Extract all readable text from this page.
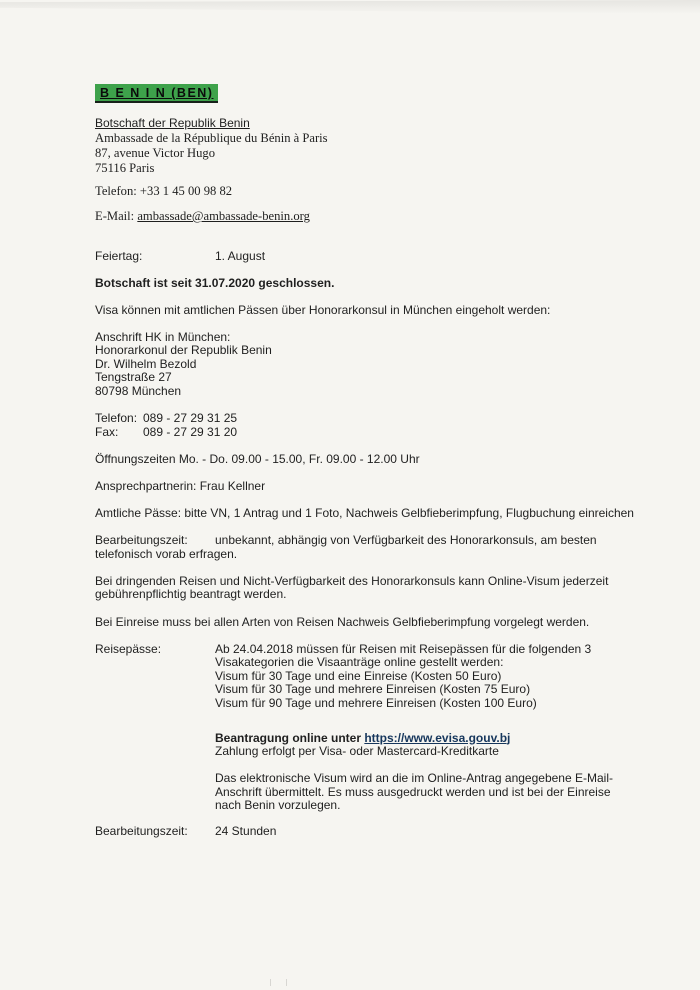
B E N I N (BEN)
Botschaft der Republik Benin
Ambassade de la République du Bénin à Paris
87, avenue Victor Hugo
75116 Paris
Telefon: +33 1 45 00 98 82
E-Mail: ambassade@ambassade-benin.org
Feiertag:	1. August
Botschaft ist seit 31.07.2020 geschlossen.
Visa können mit amtlichen Pässen über Honorarkonsul in München eingeholt werden:
Anschrift HK in München:
Honorarkonul der Republik Benin
Dr. Wilhelm Bezold
Tengstraße 27
80798 München
Telefon: 089 - 27 29 31 25
Fax: 089 - 27 29 31 20
Öffnungszeiten Mo. - Do. 09.00 - 15.00, Fr. 09.00 - 12.00 Uhr
Ansprechpartnerin: Frau Kellner
Amtliche Pässe: bitte VN, 1 Antrag und 1 Foto, Nachweis Gelbfieberimpfung, Flugbuchung einreichen
Bearbeitungszeit:	unbekannt, abhängig von Verfügbarkeit des Honorarkonsuls, am besten
telefonisch vorab erfragen.
Bei dringenden Reisen und Nicht-Verfügbarkeit des Honorarkonsuls kann Online-Visum jederzeit
gebührenpflichtig beantragt werden.
Bei Einreise muss bei allen Arten von Reisen Nachweis Gelbfieberimpfung vorgelegt werden.
Reisepässe:	Ab 24.04.2018 müssen für Reisen mit Reisepässen für die folgenden 3
Visakategorien die Visaanträge online gestellt werden:
Visum für 30 Tage und eine Einreise (Kosten 50 Euro)
Visum für 30 Tage und mehrere Einreisen (Kosten 75 Euro)
Visum für 90 Tage und mehrere Einreisen (Kosten 100 Euro)
Beantragung online unter https://www.evisa.gouv.bj
Zahlung erfolgt per Visa- oder Mastercard-Kreditkarte
Das elektronische Visum wird an die im Online-Antrag angegebene E-Mail-
Anschrift übermittelt. Es muss ausgedruckt werden und ist bei der Einreise
nach Benin vorzulegen.
Bearbeitungszeit:	24 Stunden
